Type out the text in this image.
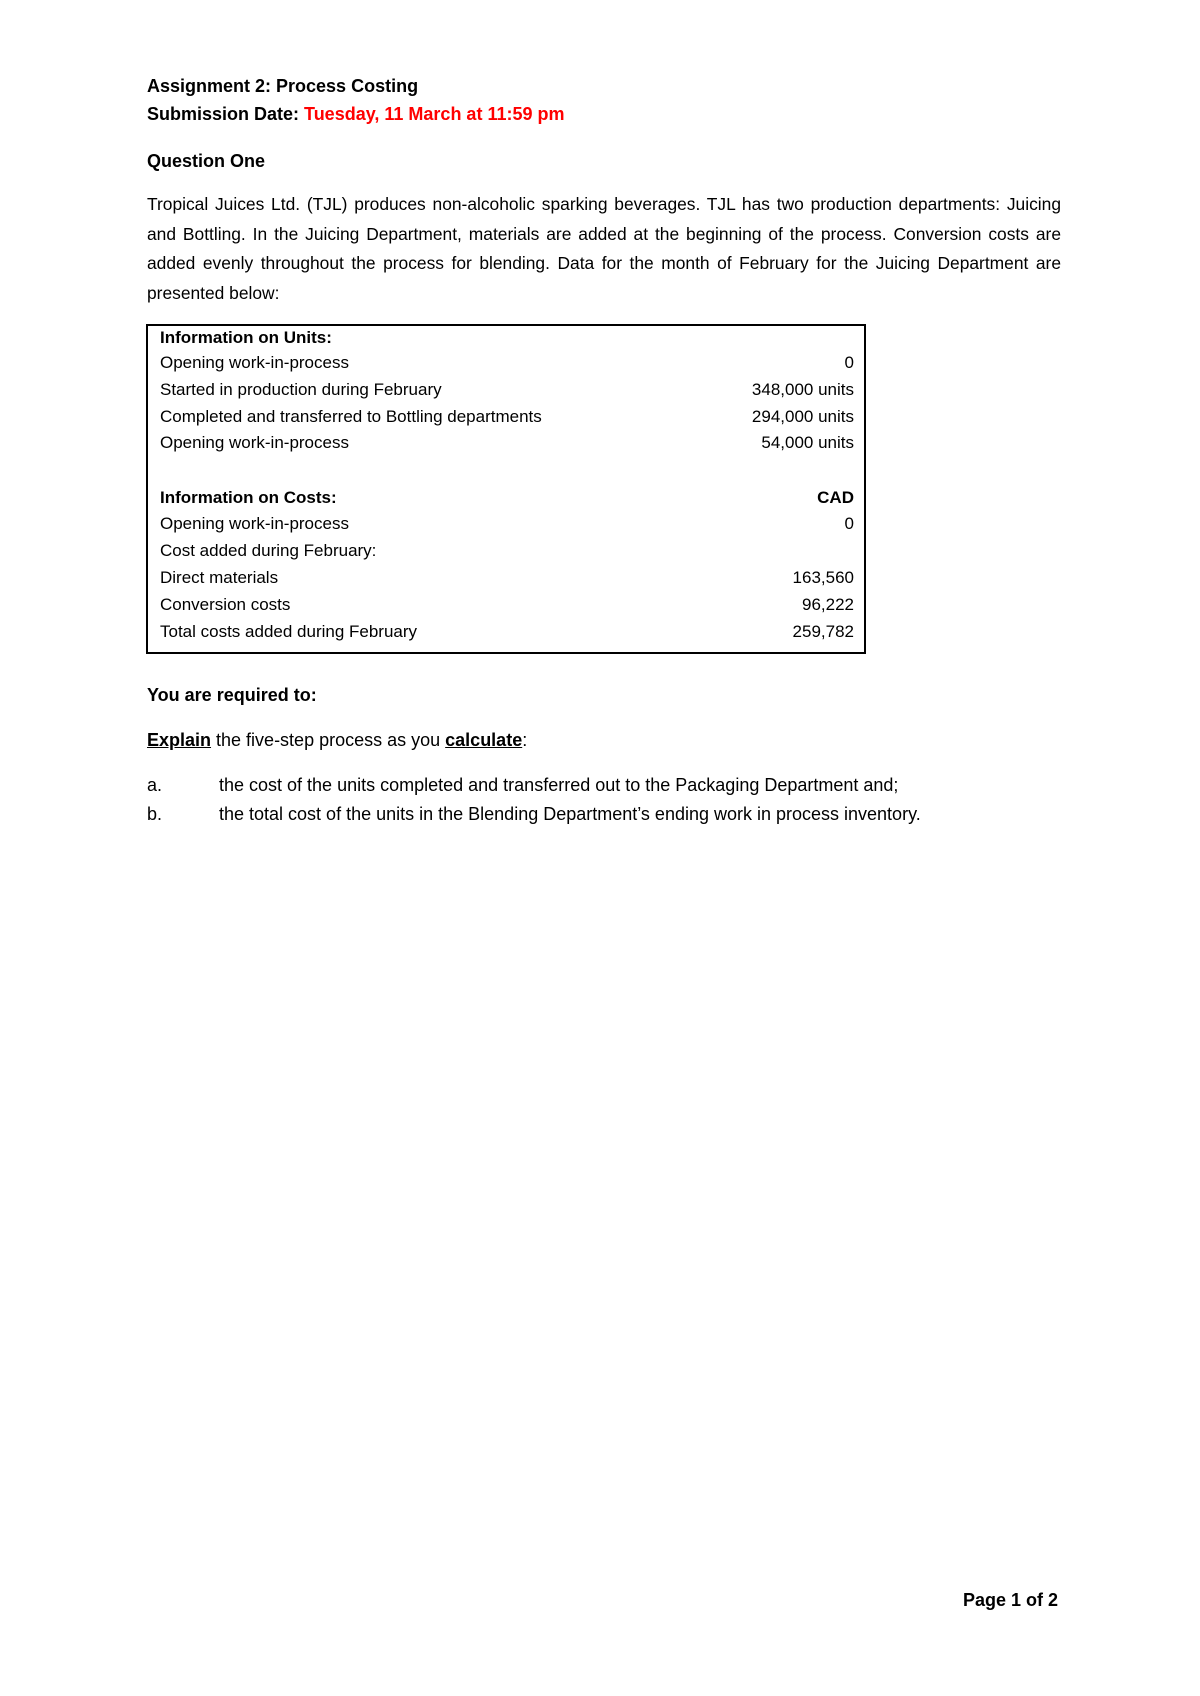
Assignment 2: Process Costing
Submission Date: Tuesday, 11 March at 11:59 pm
Question One

Tropical Juices Ltd. (TJL) produces non-alcoholic sparking beverages. TJL has two production departments: Juicing and Bottling. In the Juicing Department, materials are added at the beginning of the process. Conversion costs are added evenly throughout the process for blending. Data for the month of February for the Juicing Department are presented below:

Information on Units:
Opening work-in-process	0
Started in production during February	348,000 units
Completed and transferred to Bottling departments	294,000 units
Opening work-in-process	54,000 units
Information on Costs:	CAD
Opening work-in-process	0
Cost added during February:
Direct materials	163,560
Conversion costs	96,222
Total costs added during February	259,782
You are required to:
Explain the five-step process as you calculate:
a.	the cost of the units completed and transferred out to the Packaging Department and;
b.	the total cost of the units in the Blending Department’s ending work in process inventory.
Page 1 of 2
